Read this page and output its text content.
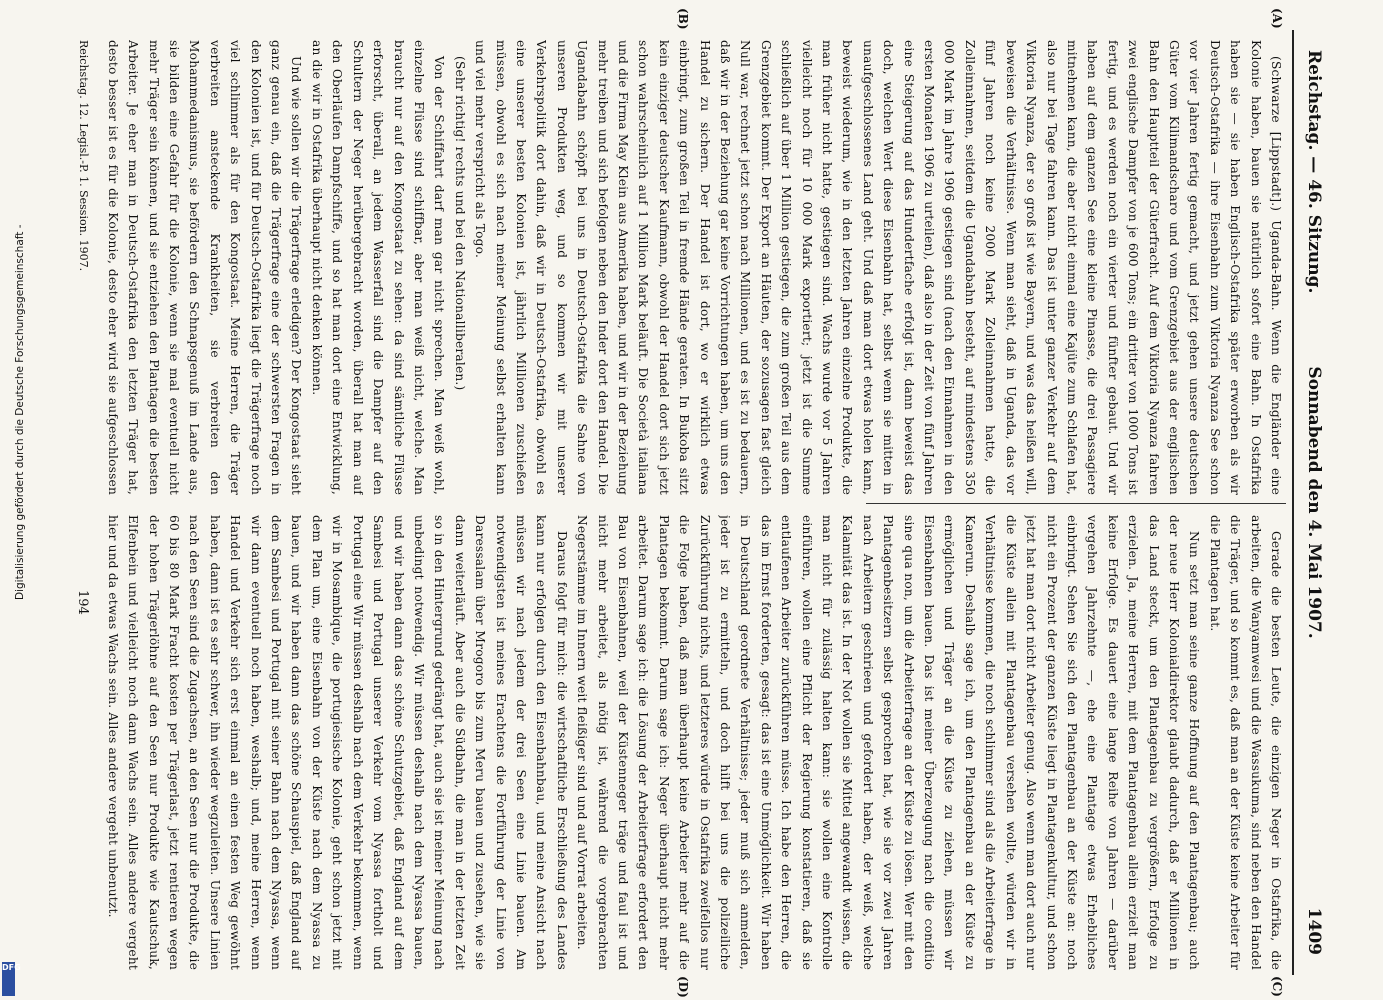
Digitalisierung gefördert durch die Deutsche Forschungsgemeinschaft -
DFG
Reichstag. — 46. Sitzung.
Sonnabend den 4. Mai 1907.
1409
(A)
(B)
(C)
(D)

(Schwarze [Lippstadt].) Uganda-Bahn. Wenn die Engländer eine Kolonie haben, bauen sie natürlich sofort eine Bahn. In Ostafrika haben sie — sie haben Englisch-Ostafrika später erworben als wir Deutsch-Ostafrika — ihre Eisenbahn zum Viktoria Nyanza See schon vor vier Jahren fertig gemacht, und jetzt gehen unsere deutschen Güter vom Kilimandscharo und vom Grenzgebiet aus der englischen Bahn den Hauptteil der Güterfracht. Auf dem Viktoria Nyanza fahren zwei englische Dampfer von je 600 Tons; ein dritter von 1000 Tons ist fertig, und es werden noch ein vierter und fünfter gebaut. Und wir haben auf dem ganzen See eine kleine Pinasse, die drei Passagiere mitnehmen kann, die aber nicht einmal eine Kajüte zum Schlafen hat, also nur bei Tage fahren kann. Das ist unter ganzer Verkehr auf dem Viktoria Nyanza, der so groß ist wie Bayern, und was das heißen will, beweisen die Verhältnisse. Wenn man sieht, daß in Uganda, das vor fünf Jahren noch keine 2000 Mark Zolleinnahmen hatte, die Zolleinnahmen, seitdem die Ugandabahn besteht, auf mindestens 350 000 Mark im Jahre 1906 gestiegen sind (nach den Einnahmen in den ersten Monaten 1906 zu urteilen), daß also in der Zeit von fünf Jahren eine Steigerung auf das Hundertfache erfolgt ist, dann beweist das doch, welchen Wert diese Eisenbahn hat, selbst wenn sie mitten in unaufgeschlossenes Land geht. Und daß man dort etwas holen kann, beweist wiederum, wie in den letzten Jahren einzelne Produkte, die man früher nicht hatte, gestiegen sind. Wachs wurde vor 5 Jahren vielleicht noch für 10 000 Mark exportiert; jetzt ist die Summe schließlich auf über 1 Million gestiegen, die zum großen Teil aus dem Grenzgebiet kommt. Der Export an Häuten, der sozusagen fast gleich Null war, rechnet jetzt schon nach Millionen, und es ist zu bedauern, daß wir in der Beziehung gar keine Vorrichtungen haben, um uns den Handel zu sichern. Der Handel ist dort, wo er wirklich etwas einbringt, zum großen Teil in fremde Hände geraten. In Bukoba sitzt kein einziger deutscher Kaufmann, obwohl der Handel dort sich jetzt schon wahrscheinlich auf 1 Million Mark beläuft. Die Società italiana und die Firma May Klein aus Amerika haben, und wir in der Beziehung mehr treiben und sich befolgen neben den Inder dort den Handel. Die Ugandabahn schöpft bei uns in Deutsch-Ostafrika die Sahne von unseren Produkten weg, und so kommen wir mit unserer Verkehrspolitik dort dahin, daß wir in Deutsch-Ostafrika, obwohl es eine unserer besten Kolonien ist, jährlich Millionen zuschießen müssen, obwohl es sich nach meiner Meinung selbst erhalten kann und viel mehr verspricht als Togo.

(Sehr richtig! rechts und bei den Nationalliberalen.)

Von der Schiffahrt darf man gar nicht sprechen. Man weiß wohl, einzelne Flüsse sind schiffbar, aber man weiß nicht, welche. Man braucht nur auf den Kongostaat zu sehen: da sind sämtliche Flüsse erforscht, überall, an jedem Wasserfall sind die Dampfer auf den Schultern der Neger herübergebracht worden, überall hat man auf den Oberläufen Dampfschiffe, und so hat man dort eine Entwicklung, an die wir in Ostafrika überhaupt nicht denken können.

Und wie sollen wir die Trägerfrage erledigen? Der Kongostaat sieht ganz genau ein, daß die Trägerfrage eine der schwersten Fragen in den Kolonien ist, und für Deutsch-Ostafrika liegt die Trägerfrage noch viel schlimmer als für den Kongostaat. Meine Herren, die Träger verbreiten ansteckende Krankheiten, sie verbreiten den Mohammedanismus, sie befördern den Schnapsgenuß im Lande aus, sie bilden eine Gefahr für die Kolonie, wenn sie mal eventuell nicht mehr Träger sein können, und sie entziehen den Plantagen die besten Arbeiter. Je eher man in Deutsch-Ostafrika den letzten Träger hat, desto besser ist es für die Kolonie, desto eher wird sie aufgeschlossen

Gerade die besten Leute, die einzigen Neger in Ostafrika, die arbeiten, die Wanyamwesi und die Wassukuma, sind neben den Handel die Träger, und so kommt es, daß man an der Küste keine Arbeiter für die Plantagen hat.

Nun setzt man seine ganze Hoffnung auf den Plantagenbau; auch der neue Herr Kolonialdirektor glaubt dadurch, daß er Millionen in das Land steckt, um den Plantagenbau zu vergrößern, Erfolge zu erzielen. Ja, meine Herren, mit dem Plantagenbau allein erzielt man keine Erfolge. Es dauert eine lange Reihe von Jahren — darüber vergehen Jahrzehnte —, ehe eine Plantage etwas Erhebliches einbringt. Sehen Sie sich den Plantagenbau an der Küste an: noch nicht ein Prozent der ganzen Küste liegt in Plantagenkultur, und schon jetzt hat man dort nicht Arbeiter genug. Also wenn man dort auch nur die Küste allein mit Plantagenbau versehen wollte, würden wir in Verhältnisse kommen, die noch schlimmer sind als die Arbeiterfrage in Kamerun. Deshalb sage ich, um den Plantagenbau an der Küste zu ermöglichen und Träger an die Küste zu ziehen, müssen wir Eisenbahnen bauen. Das ist meiner Überzeugung nach die conditio sine qua non, um die Arbeiterfrage an der Küste zu lösen. Wer mit den Plantagenbesitzern selbst gesprochen hat, wie sie vor zwei Jahren nach Arbeitern geschrieen und gefordert haben, der weiß, welche Kalamität das ist. In der Not wollen sie Mittel angewandt wissen, die man nicht für zulässig halten kann: sie wollen eine Kontrolle einführen, wollen eine Pflicht der Regierung konstatieren, daß sie entlaufenen Arbeiter zurückführen müsse. Ich habe den Herren, die das im Ernst forderten, gesagt: das ist eine Unmöglichkeit. Wir haben in Deutschland geordnete Verhältnisse; jeder muß sich anmelden, jeder ist zu ermitteln, und doch hilft bei uns die polizeiliche Zurückführung nichts, und letzteres würde in Ostafrika zweifellos nur die Folge haben, daß man überhaupt keine Arbeiter mehr auf die Plantagen bekommt. Darum sage ich: Neger überhaupt nicht mehr arbeitet. Darum sage ich: die Lösung der Arbeiterfrage erfordert den Bau von Eisenbahnen, weil der Küstenneger träge und faul ist und nicht mehr arbeitet, als nötig ist, während die vorgebrachten Negerstämme im Innern weit fleißiger sind und auf Vorrat arbeiten.

Daraus folgt für mich: die wirtschaftliche Erschließung des Landes kann nur erfolgen durch den Eisenbahnbau, und meine Ansicht nach müssen wir nach jedem der drei Seen eine Linie bauen. Am notwendigsten ist meines Erachtens die Fortführung der Linie von Daressalam über Mrogoro bis zum Meru bauen und zusehen, wie sie dann weiterläuft. Aber auch die Südbahn, die man in der letzten Zeit so in den Hintergrund gedrängt hat, auch sie ist meiner Meinung nach unbedingt notwendig. Wir müssen deshalb nach dem Nyassa bauen, und wir haben dann das schöne Schutzgebiet, daß England auf dem Sambesi und Portugal unserer Verkehr vom Nyassa fortholt und Portugal eine Wir müssen deshalb nach dem Verkehr bekommen, wenn wir in Mosambique, die portugiesische Kolonie, geht schon jetzt mit dem Plan um, eine Eisenbahn von der Küste nach dem Nyassa zu bauen, und wir haben dann das schöne Schauspiel, daß England auf dem Sambesi und Portugal mit seiner Bahn nach dem Nyassa, wenn wir dann eventuell noch haben, weshalb; und, meine Herren, wenn Handel und Verkehr sich erst einmal an einen festen Weg gewöhnt haben, dann ist es sehr schwer, ihn wieder wegzuleiten. Unsere Linien nach den Seen sind die Zugachsen, an den Seen nur die Produkte, die 60 bis 80 Mark Fracht kosten per Trägerlast, jetzt rentieren wegen der hohen Trägerlöhne auf den Seen nur Produkte wie Kautschuk, Elfenbein und vielleicht noch dann Wachs sein. Alles andere vergeht hier und da etwas Wachs sein. Alles andere vergeht unbenutzt.

Reichstag. 12. Legisl.-P. 1. Session. 1907.
194
